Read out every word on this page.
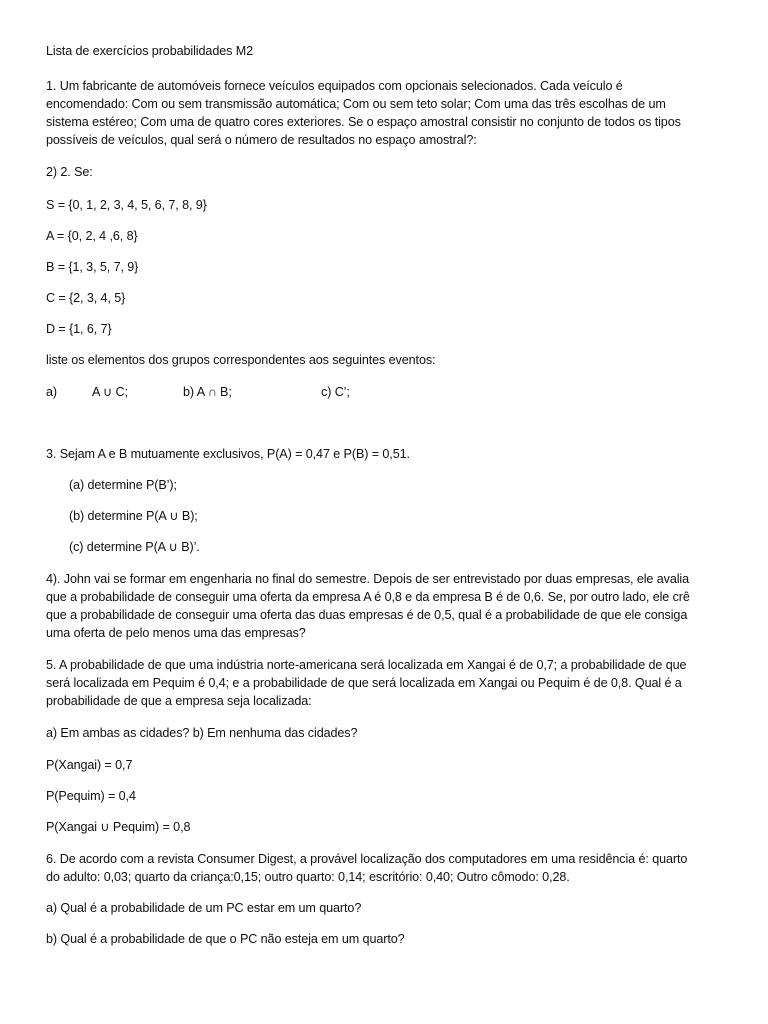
Lista de exercícios probabilidades M2
1. Um fabricante de automóveis fornece veículos equipados com opcionais selecionados. Cada veículo é
encomendado: Com ou sem transmissão automática; Com ou sem teto solar; Com uma das três escolhas de um
sistema estéreo; Com uma de quatro cores exteriores. Se o espaço amostral consistir no conjunto de todos os tipos
possíveis de veículos, qual será o número de resultados no espaço amostral?:
2) 2. Se:
S = {0, 1, 2, 3, 4, 5, 6, 7, 8, 9}
A = {0, 2, 4 ,6, 8}
B = {1, 3, 5, 7, 9}
C = {2, 3, 4, 5}
D = {1, 6, 7}
liste os elementos dos grupos correspondentes aos seguintes eventos:
a)	A ∪ C;	b) A ∩ B;	c) C’;
3. Sejam A e B mutuamente exclusivos, P(A) = 0,47 e P(B) = 0,51.
(a) determine P(B’);
(b) determine P(A ∪ B);
(c) determine P(A ∪ B)’.
4). John vai se formar em engenharia no final do semestre. Depois de ser entrevistado por duas empresas, ele avalia
que a probabilidade de conseguir uma oferta da empresa A é 0,8 e da empresa B é de 0,6. Se, por outro lado, ele crê
que a probabilidade de conseguir uma oferta das duas empresas é de 0,5, qual é a probabilidade de que ele consiga
uma oferta de pelo menos uma das empresas?
5. A probabilidade de que uma indústria norte-americana será localizada em Xangai é de 0,7; a probabilidade de que
será localizada em Pequim é 0,4; e a probabilidade de que será localizada em Xangai ou Pequim é de 0,8. Qual é a
probabilidade de que a empresa seja localizada:
a) Em ambas as cidades? b) Em nenhuma das cidades?
P(Xangai) = 0,7
P(Pequim) = 0,4
P(Xangai ∪ Pequim) = 0,8
6. De acordo com a revista Consumer Digest, a provável localização dos computadores em uma residência é: quarto
do adulto: 0,03; quarto da criança:0,15; outro quarto: 0,14; escritório: 0,40; Outro cômodo: 0,28.
a) Qual é a probabilidade de um PC estar em um quarto?
b) Qual é a probabilidade de que o PC não esteja em um quarto?
